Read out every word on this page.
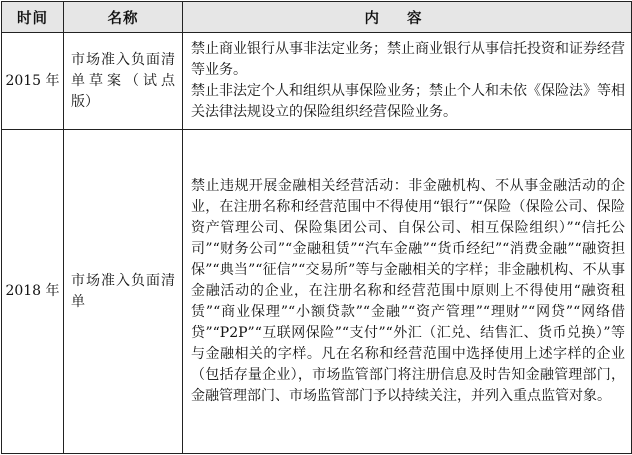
时间	名称	内容
2015 年	市场准入负面清单草案（试点版）	禁止商业银行从事非法定业务；禁止商业银行从事信托投资和证券经营等业务。

禁止非法定个人和组织从事保险业务；禁止个人和未依《保险法》等相关法律法规设立的保险组织经营保险业务。

2018 年	市场准入负面清单	禁止违规开展金融相关经营活动：非金融机构、不从事金融活动的企业，在注册名称和经营范围中不得使用“银行”“保险（保险公司、保险资产管理公司、保险集团公司、自保公司、相互保险组织）”“信托公司”“财务公司”“金融租赁”“汽车金融”“货币经纪”“消费金融”“融资担保”“典当”“征信”“交易所”等与金融相关的字样；非金融机构、不从事金融活动的企业，在注册名称和经营范围中原则上不得使用“融资租赁”“商业保理”“小额贷款”“金融”“资产管理”“理财”“网贷”“网络借贷”“P2P”“互联网保险”“支付”“外汇（汇兑、结售汇、货币兑换）”等与金融相关的字样。凡在名称和经营范围中选择使用上述字样的企业（包括存量企业），市场监管部门将注册信息及时告知金融管理部门，金融管理部门、市场监管部门予以持续关注，并列入重点监管对象。
